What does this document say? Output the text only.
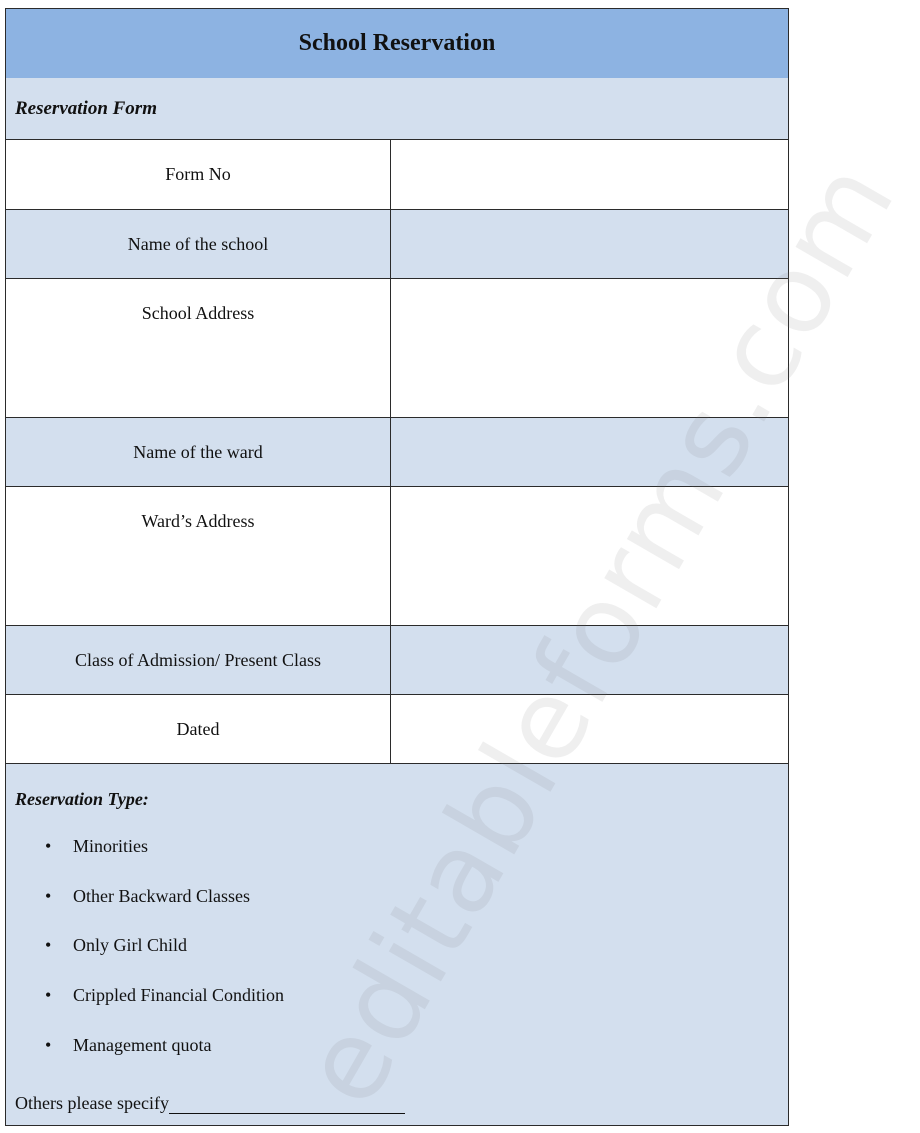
School Reservation
Reservation Form
Form No
Name of the school
School Address
Name of the ward
Ward’s Address
Class of Admission/ Present Class
Dated
Reservation Type:
• Minorities
• Other Backward Classes
• Only Girl Child
• Crippled Financial Condition
• Management quota
Others please specify editableforms.com
